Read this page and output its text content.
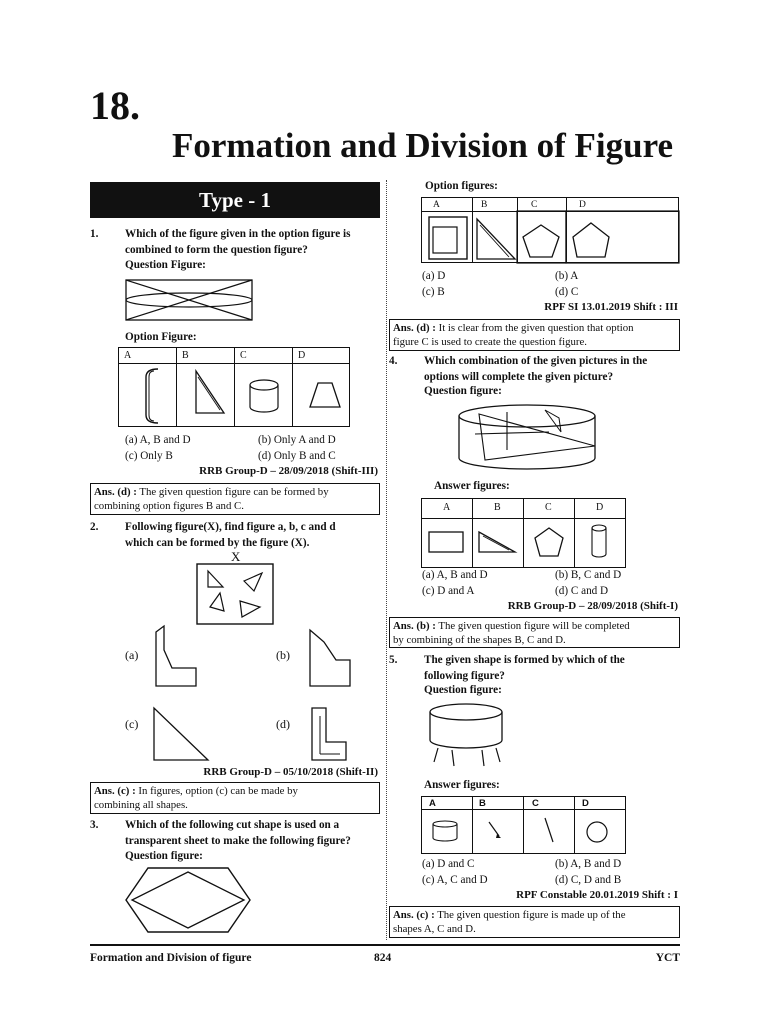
18.
Formation and Division of Figure
Type - 1
1. Which of the figure given in the option figure is
combined to form the question figure?
Question Figure:
Option Figure:
A	B	C	D
(a) A, B and D	(b) Only A and D
(c) Only B	(d) Only B and C
RRB Group-D – 28/09/2018 (Shift-III)
Ans. (d) : The given question figure can be formed by
combining option figures B and C.
2. Following figure(X), find figure a, b, c and d
which can be formed by the figure (X).
X
(a)	(b)
(c)	(d)
RRB Group-D – 05/10/2018 (Shift-II)
Ans. (c) : In figures, option (c) can be made by
combining all shapes.
3. Which of the following cut shape is used on a
transparent sheet to make the following figure?
Question figure:
Option figures:
A	B	C	D
(a) D	(b) A
(c) B	(d) C
RPF SI 13.01.2019 Shift : III
Ans. (d) : It is clear from the given question that option
figure C is used to create the question figure.
4. Which combination of the given pictures in the
options will complete the given picture?
Question figure:
Answer figures:
A	B	C	D
(a) A, B and D	(b) B, C and D
(c) D and A	(d) C and D
RRB Group-D – 28/09/2018 (Shift-I)
Ans. (b) : The given question figure will be completed
by combining of the shapes B, C and D.
5. The given shape is formed by which of the
following figure?
Question figure:
Answer figures:
A	B	C	D
(a) D and C	(b) A, B and D
(c) A, C and D	(d) C, D and B
RPF Constable 20.01.2019 Shift : I
Ans. (c) : The given question figure is made up of the
shapes A, C and D.
Formation and Division of figure	824	YCT
